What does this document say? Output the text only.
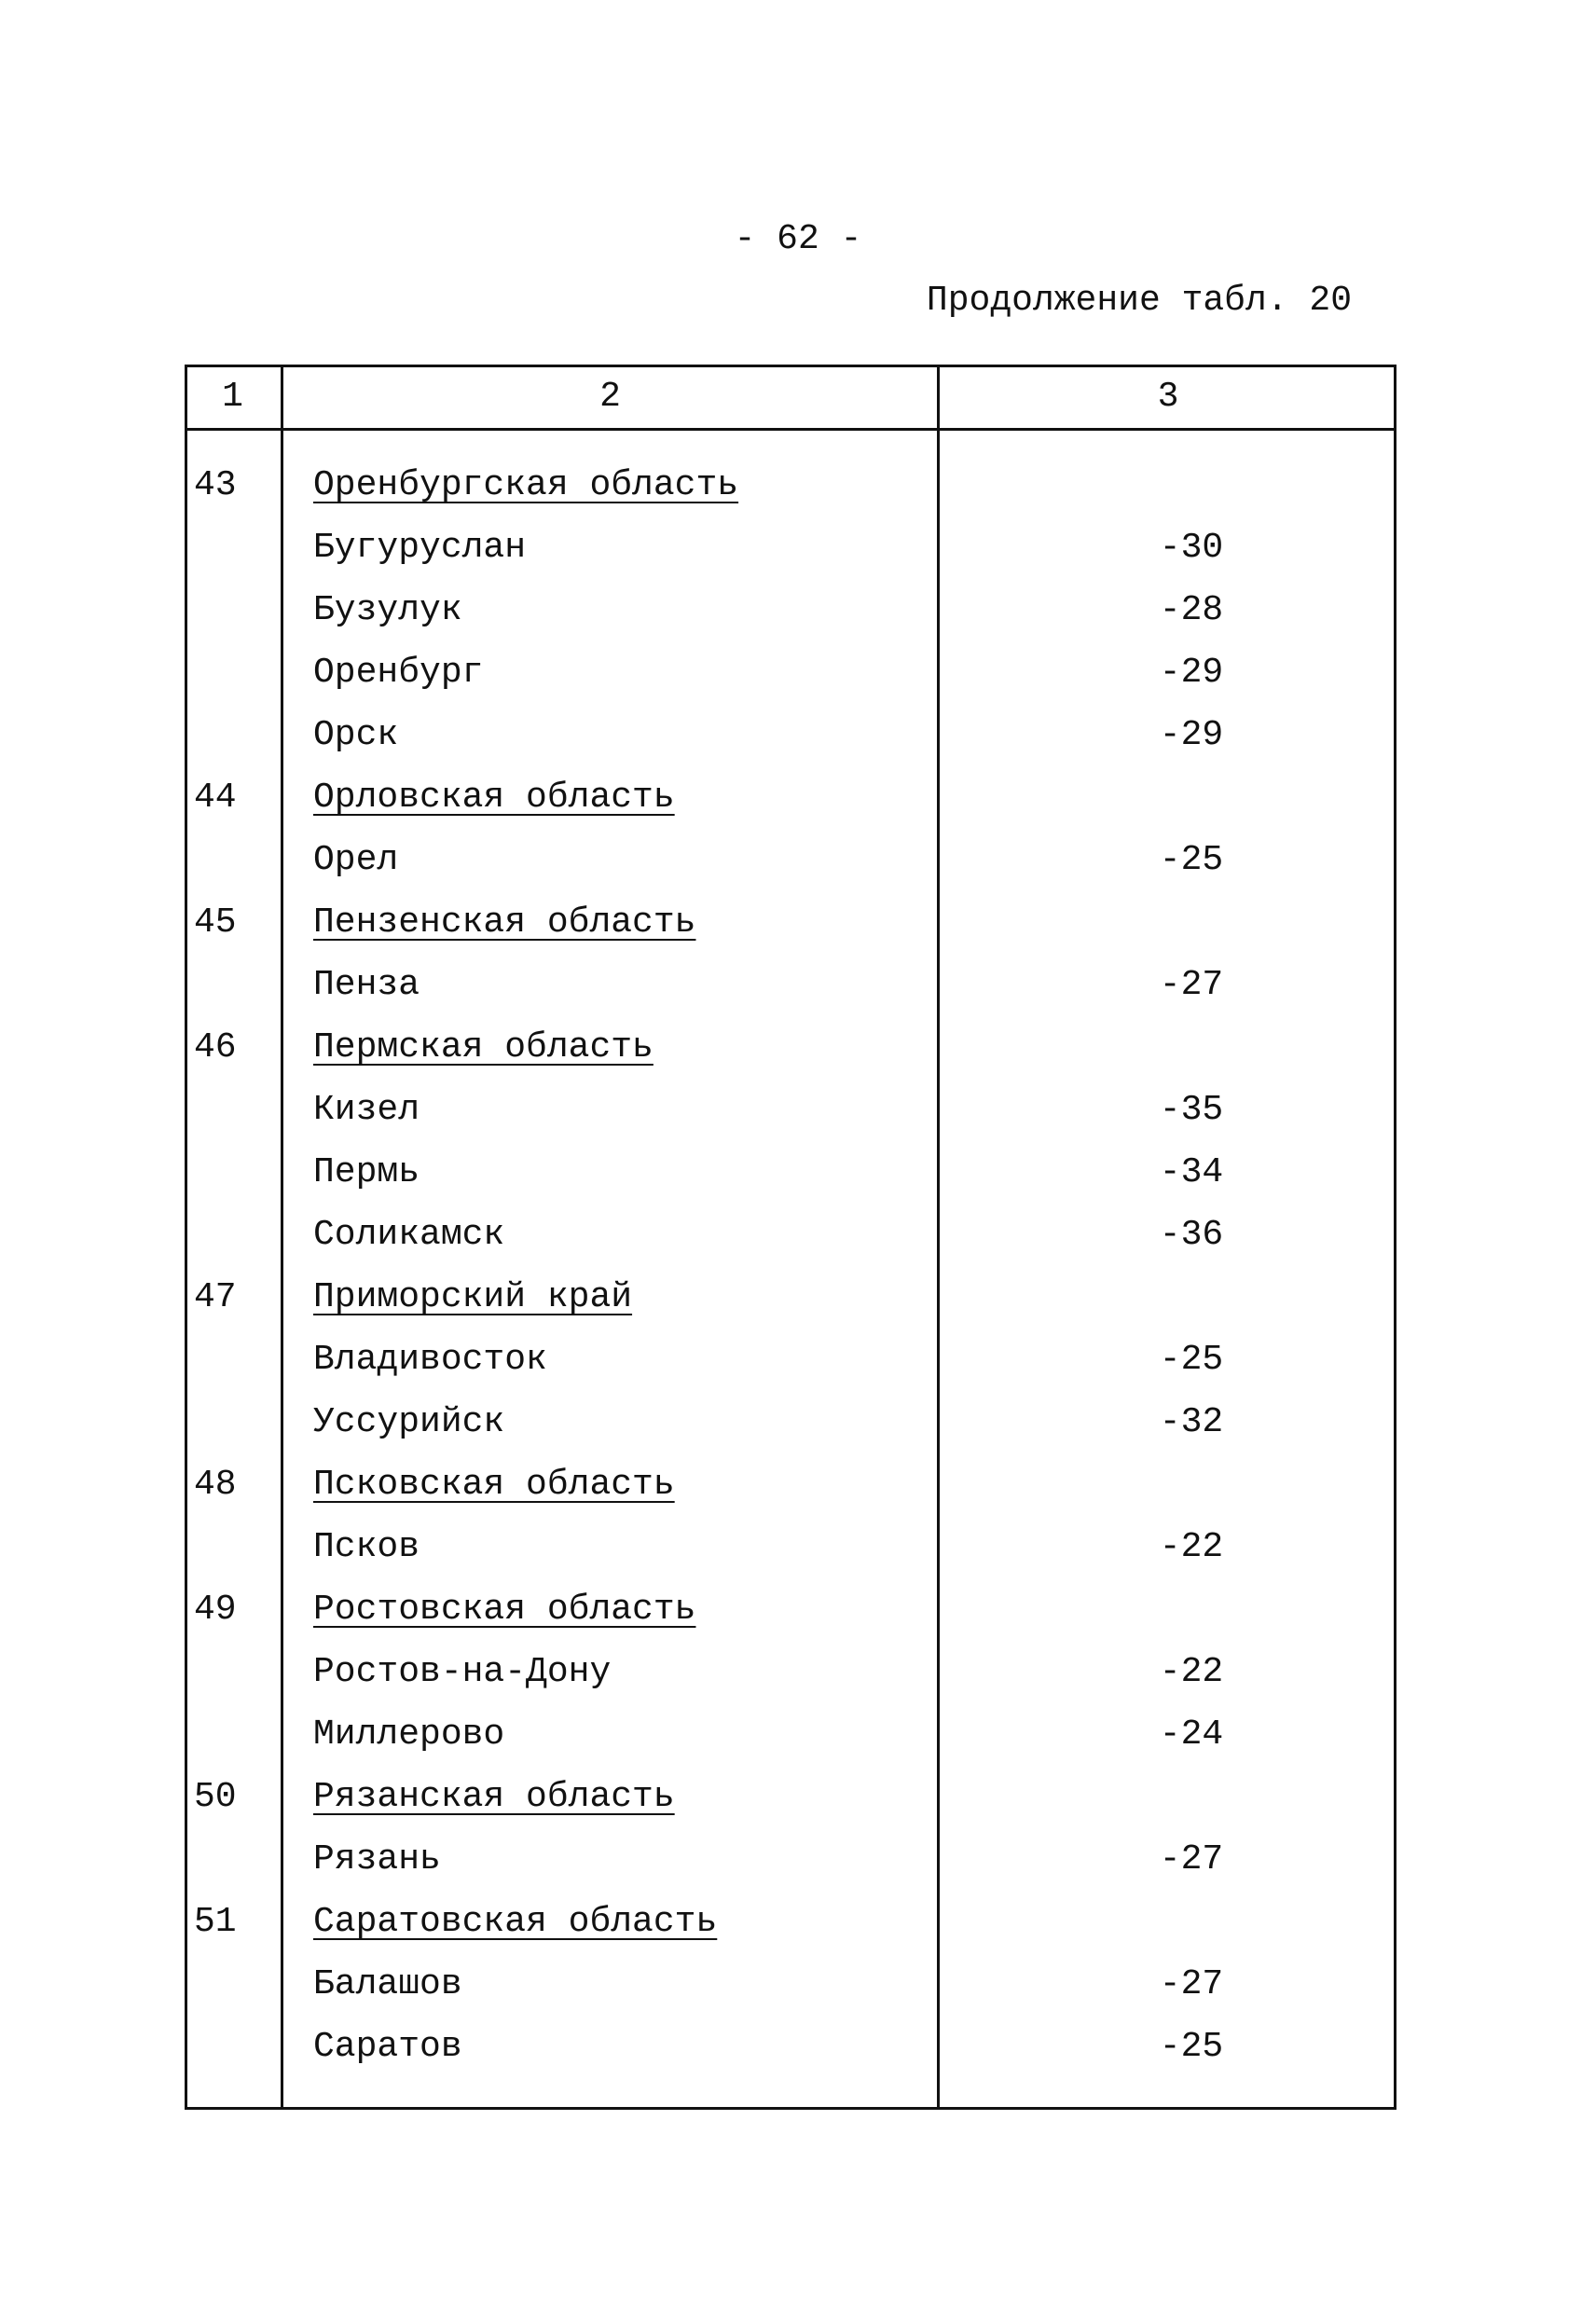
- 62 -
Продолжение табл. 20
1	2	3
43 Оренбургская область
Бугуруслан	-30
Бузулук	-28
Оренбург	-29
Орск	-29
44 Орловская область
Орел	-25
45 Пензенская область
Пенза	-27
46 Пермская область
Кизел	-35
Пермь	-34
Соликамск	-36
47 Приморский край
Владивосток	-25
Уссурийск	-32
48 Псковская область
Псков	-22
49 Ростовская область
Ростов-на-Дону	-22
Миллерово	-24
50 Рязанская область
Рязань	-27
51 Саратовская область
Балашов	-27
Саратов	-25
